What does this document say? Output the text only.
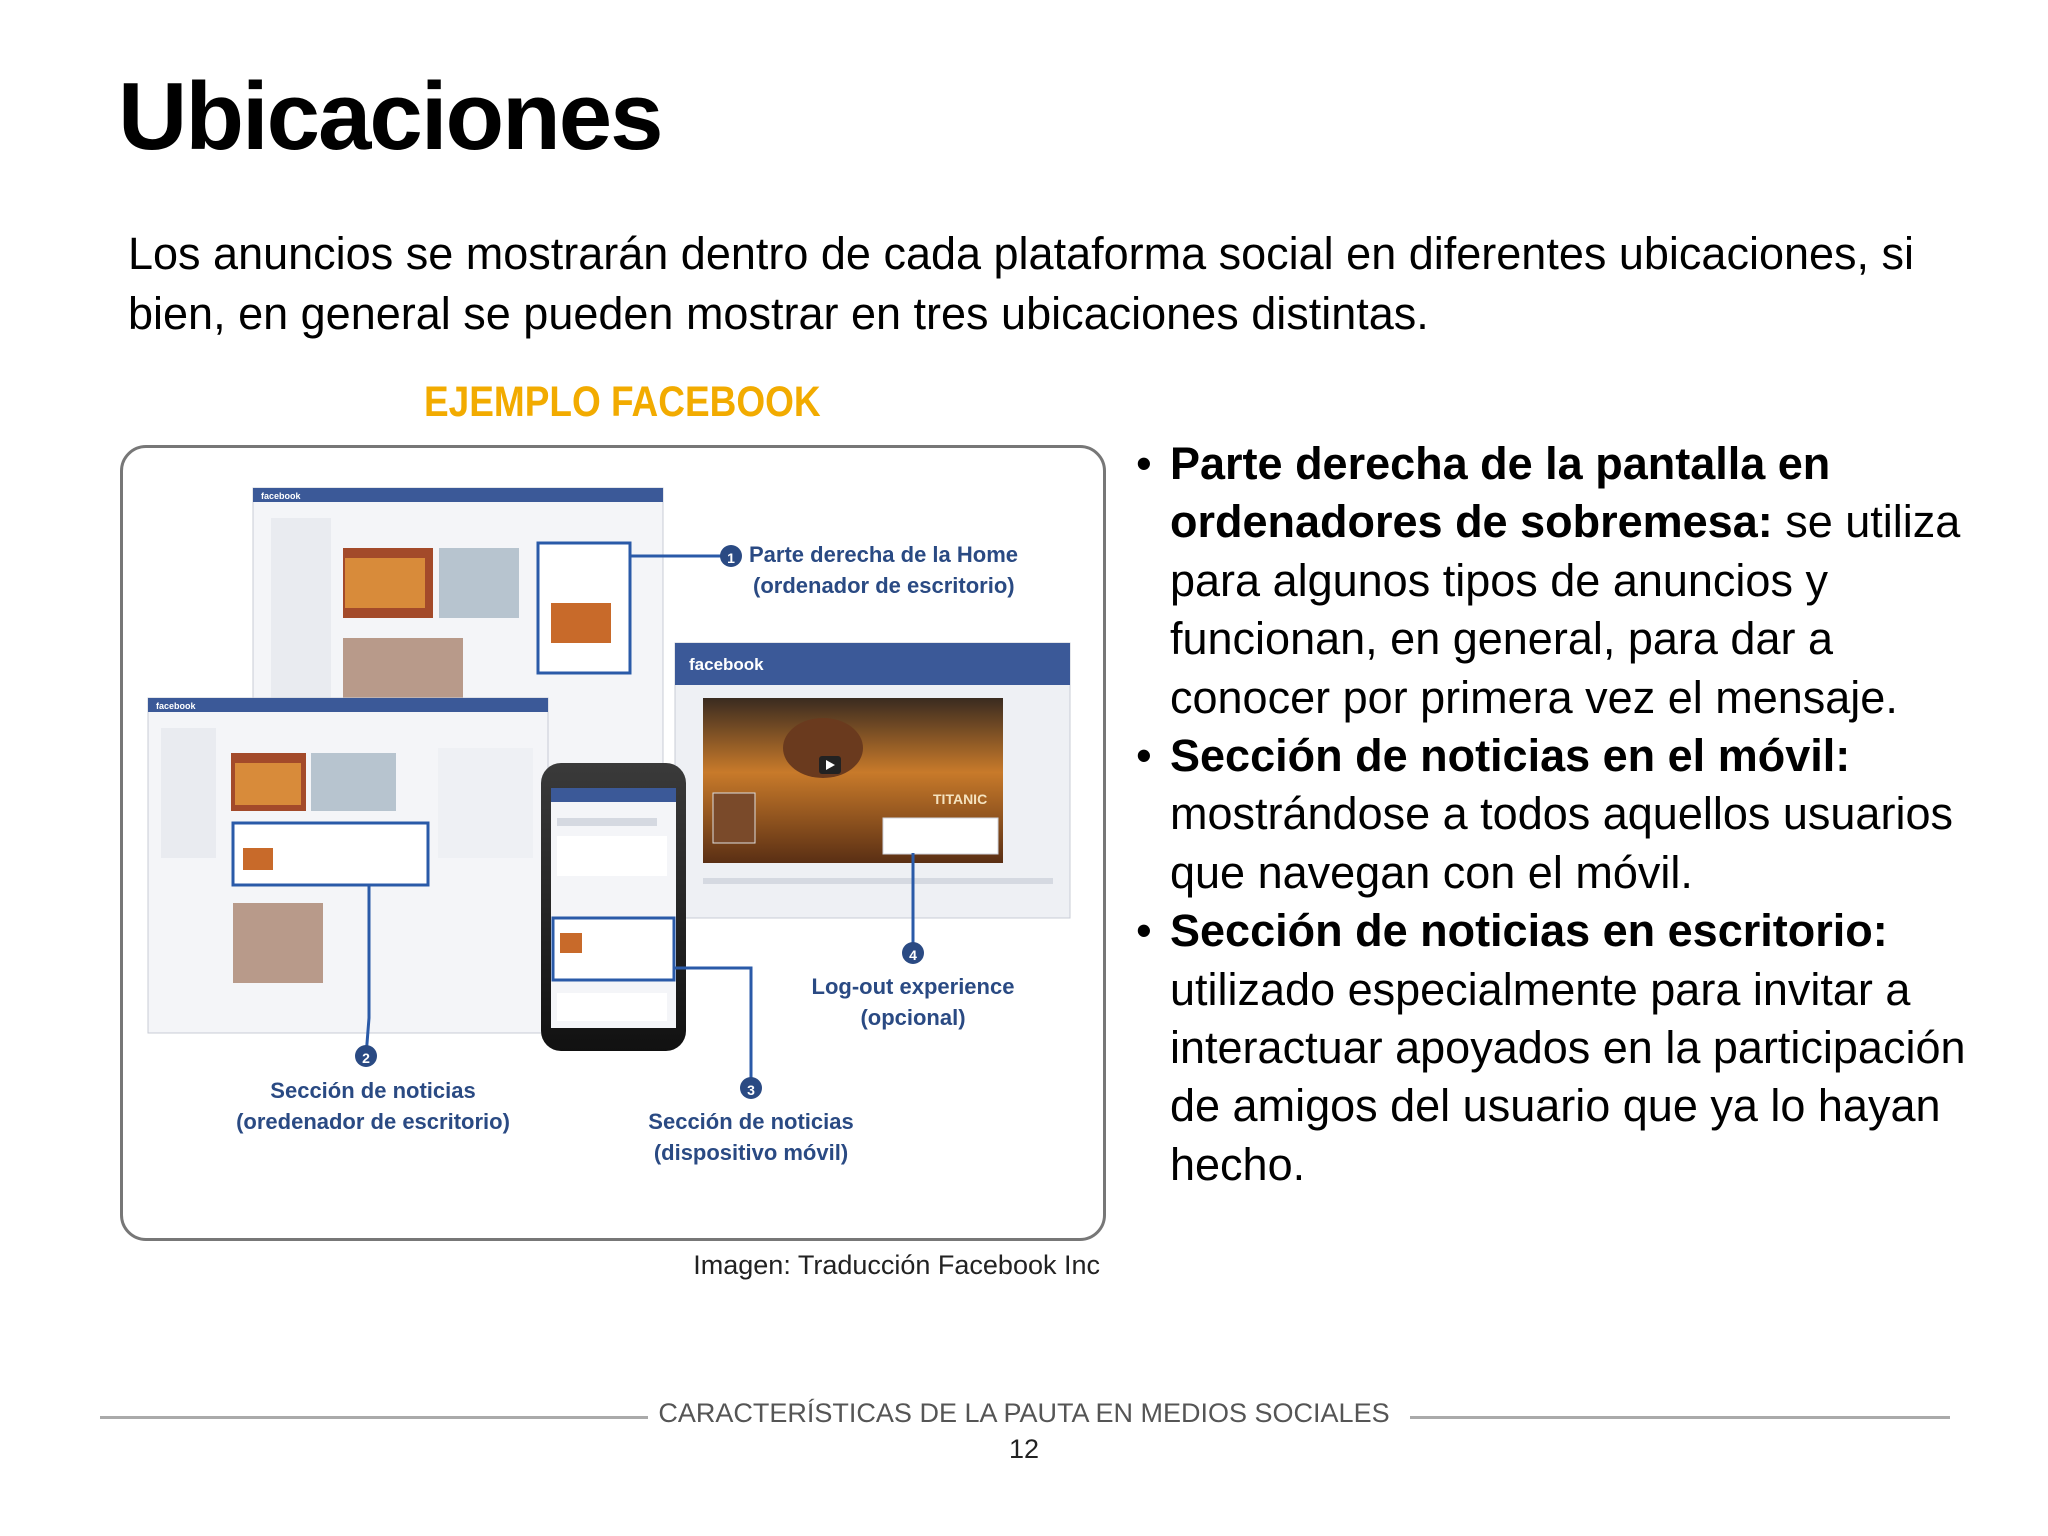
Ubicaciones

Los anuncios se mostrarán dentro de cada plataforma social en diferentes ubicaciones, si bien, en general se pueden mostrar en tres ubicaciones distintas.

EJEMPLO FACEBOOK
facebook
facebook
facebook
TITANIC
1
2
3
4
Parte derecha de la Home
(ordenador de escritorio)
Sección de noticias
(oredenador de escritorio)	Sección de noticias
(dispositivo móvil)
Log-out experience
(opcional)
Imagen: Traducción Facebook Inc
• Parte derecha de la pantalla en ordenadores de sobremesa: se utiliza para algunos tipos de anuncios y funcionan, en general, para dar a conocer por primera vez el mensaje.
• Sección de noticias en el móvil: mostrándose a todos aquellos usuarios que navegan con el móvil.
• Sección de noticias en escritorio: utilizado especialmente para invitar a interactuar apoyados en la participación de amigos del usuario que ya lo hayan hecho.
CARACTERÍSTICAS DE LA PAUTA EN MEDIOS SOCIALES
12
